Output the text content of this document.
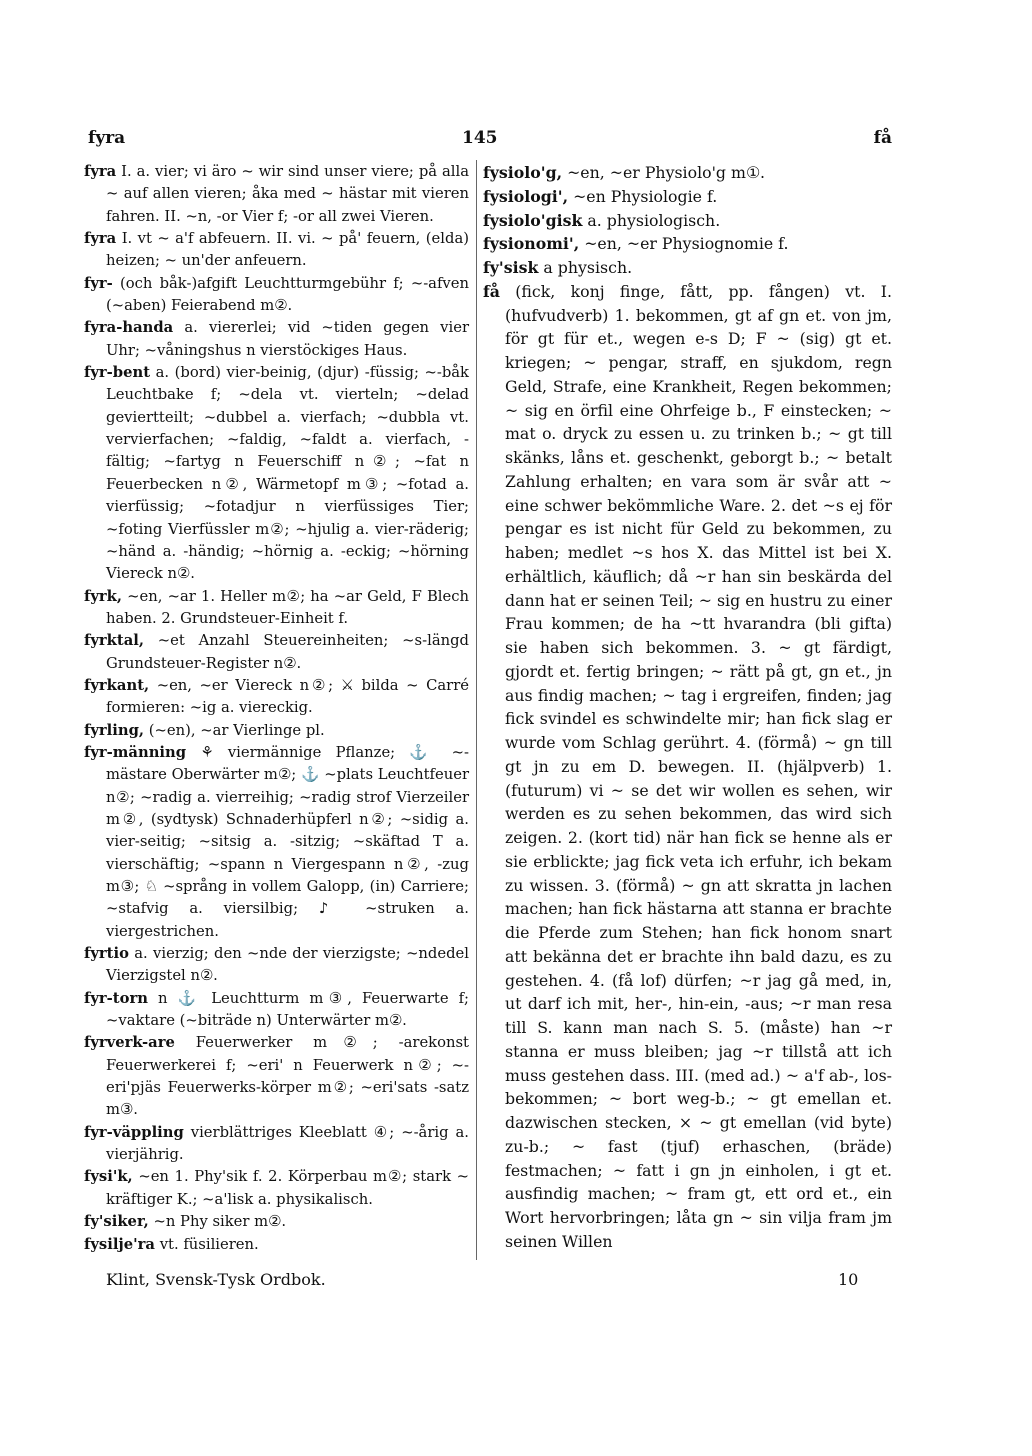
fyra	145	få

fyra I. a. vier; vi äro ~ wir sind unser viere; på alla ~ auf allen vieren; åka med ~ hästar mit vieren fahren. II. ~n, -or Vier f; -or all zwei Vieren.

fyra I. vt ~ a'f abfeuern. II. vi. ~ på' feuern, (elda) heizen; ~ un'der anfeuern.

fyr- (och båk-)afgift Leuchtturmgebühr f; ~-afven (~aben) Feierabend m②.

fyra-handa a. viererlei; vid ~tiden gegen vier Uhr; ~våningshus n vierstöckiges Haus.

fyr-bent a. (bord) vier-beinig, (djur) -füssig; ~-båk Leuchtbake f; ~dela vt. vierteln; ~delad geviertteilt; ~dubbel a. vierfach; ~dubbla vt. vervierfachen; ~faldig, ~faldt a. vierfach, -fältig; ~fartyg n Feuerschiff n②; ~fat n Feuerbecken n②, Wärmetopf m③; ~fotad a. vierfüssig; ~fotadjur n vierfüssiges Tier; ~foting Vierfüssler m②; ~hjulig a. vier-räderig; ~händ a. -händig; ~hörnig a. -eckig; ~hörning Viereck n②.

fyrk, ~en, ~ar 1. Heller m②; ha ~ar Geld, F Blech haben. 2. Grundsteuer-Einheit f.

fyrktal, ~et Anzahl Steuereinheiten; ~s-längd Grundsteuer-Register n②.

fyrkant, ~en, ~er Viereck n②; ⚔ bilda ~ Carré formieren: ~ig a. viereckig.

fyrling, (~en), ~ar Vierlinge pl.

fyr-männing ⚘ viermännige Pflanze; ⚓ ~-mästare Oberwärter m②; ⚓ ~plats Leuchtfeuer n②; ~radig a. vierreihig; ~radig strof Vierzeiler m②, (sydtysk) Schnaderhüpferl n②; ~sidig a. vier-seitig; ~sitsig a. -sitzig; ~skäftad T a. vierschäftig; ~spann n Viergespann n②, -zug m③; ♘ ~språng in vollem Galopp, (in) Carriere; ~stafvig a. viersilbig; ♪ ~struken a. viergestrichen.

fyrtio a. vierzig; den ~nde der vierzigste; ~ndedel Vierzigstel n②.

fyr-torn n ⚓ Leuchtturm m③, Feuerwarte f; ~vaktare (~biträde n) Unterwärter m②.

fyrverk-are Feuerwerker m②; -arekonst Feuerwerkerei f; ~eri' n Feuerwerk n②; ~-eri'pjäs Feuerwerks-körper m②; ~eri'sats -satz m③.

fyr-väppling vierblättriges Kleeblatt ④; ~-årig a. vierjährig.

fysi'k, ~en 1. Phy'sik f. 2. Körperbau m②; stark ~ kräftiger K.; ~a'lisk a. physikalisch.

fy'siker, ~n Phy siker m②.

fysilje'ra vt. füsilieren.

fysiolo'g, ~en, ~er Physiolo'g m①.

fysiologi', ~en Physiologie f.

fysiolo'gisk a. physiologisch.

fysionomi', ~en, ~er Physiognomie f.

fy'sisk a physisch.

få (fick, konj finge, fått, pp. fången) vt. I. (hufvudverb) 1. bekommen, gt af gn et. von jm, för gt für et., wegen e-s D; F ~ (sig) gt et. kriegen; ~ pengar, straff, en sjukdom, regn Geld, Strafe, eine Krankheit, Regen bekommen; ~ sig en örfil eine Ohrfeige b., F einstecken; ~ mat o. dryck zu essen u. zu trinken b.; ~ gt till skänks, låns et. geschenkt, geborgt b.; ~ betalt Zahlung erhalten; en vara som är svår att ~ eine schwer bekömmliche Ware. 2. det ~s ej för pengar es ist nicht für Geld zu bekommen, zu haben; medlet ~s hos X. das Mittel ist bei X. erhältlich, käuflich; då ~r han sin beskärda del dann hat er seinen Teil; ~ sig en hustru zu einer Frau kommen; de ha ~tt hvarandra (bli gifta) sie haben sich bekommen. 3. ~ gt färdigt, gjordt et. fertig bringen; ~ rätt på gt, gn et., jn aus findig machen; ~ tag i ergreifen, finden; jag fick svindel es schwindelte mir; han fick slag er wurde vom Schlag gerührt. 4. (förmå) ~ gn till gt jn zu em D. bewegen. II. (hjälpverb) 1. (futurum) vi ~ se det wir wollen es sehen, wir werden es zu sehen bekommen, das wird sich zeigen. 2. (kort tid) när han fick se henne als er sie erblickte; jag fick veta ich erfuhr, ich bekam zu wissen. 3. (förmå) ~ gn att skratta jn lachen machen; han fick hästarna att stanna er brachte die Pferde zum Stehen; han fick honom snart att bekänna det er brachte ihn bald dazu, es zu gestehen. 4. (få lof) dürfen; ~r jag gå med, in, ut darf ich mit, her-, hin-ein, -aus; ~r man resa till S. kann man nach S. 5. (måste) han ~r stanna er muss bleiben; jag ~r tillstå att ich muss gestehen dass. III. (med ad.) ~ a'f ab-, los-bekommen; ~ bort weg-b.; ~ gt emellan et. dazwischen stecken, × ~ gt emellan (vid byte) zu-b.; ~ fast (tjuf) erhaschen, (bräde) festmachen; ~ fatt i gn jn einholen, i gt et. ausfindig machen; ~ fram gt, ett ord et., ein Wort hervorbringen; låta gn ~ sin vilja fram jm seinen Willen

Klint, Svensk-Tysk Ordbok.	10
